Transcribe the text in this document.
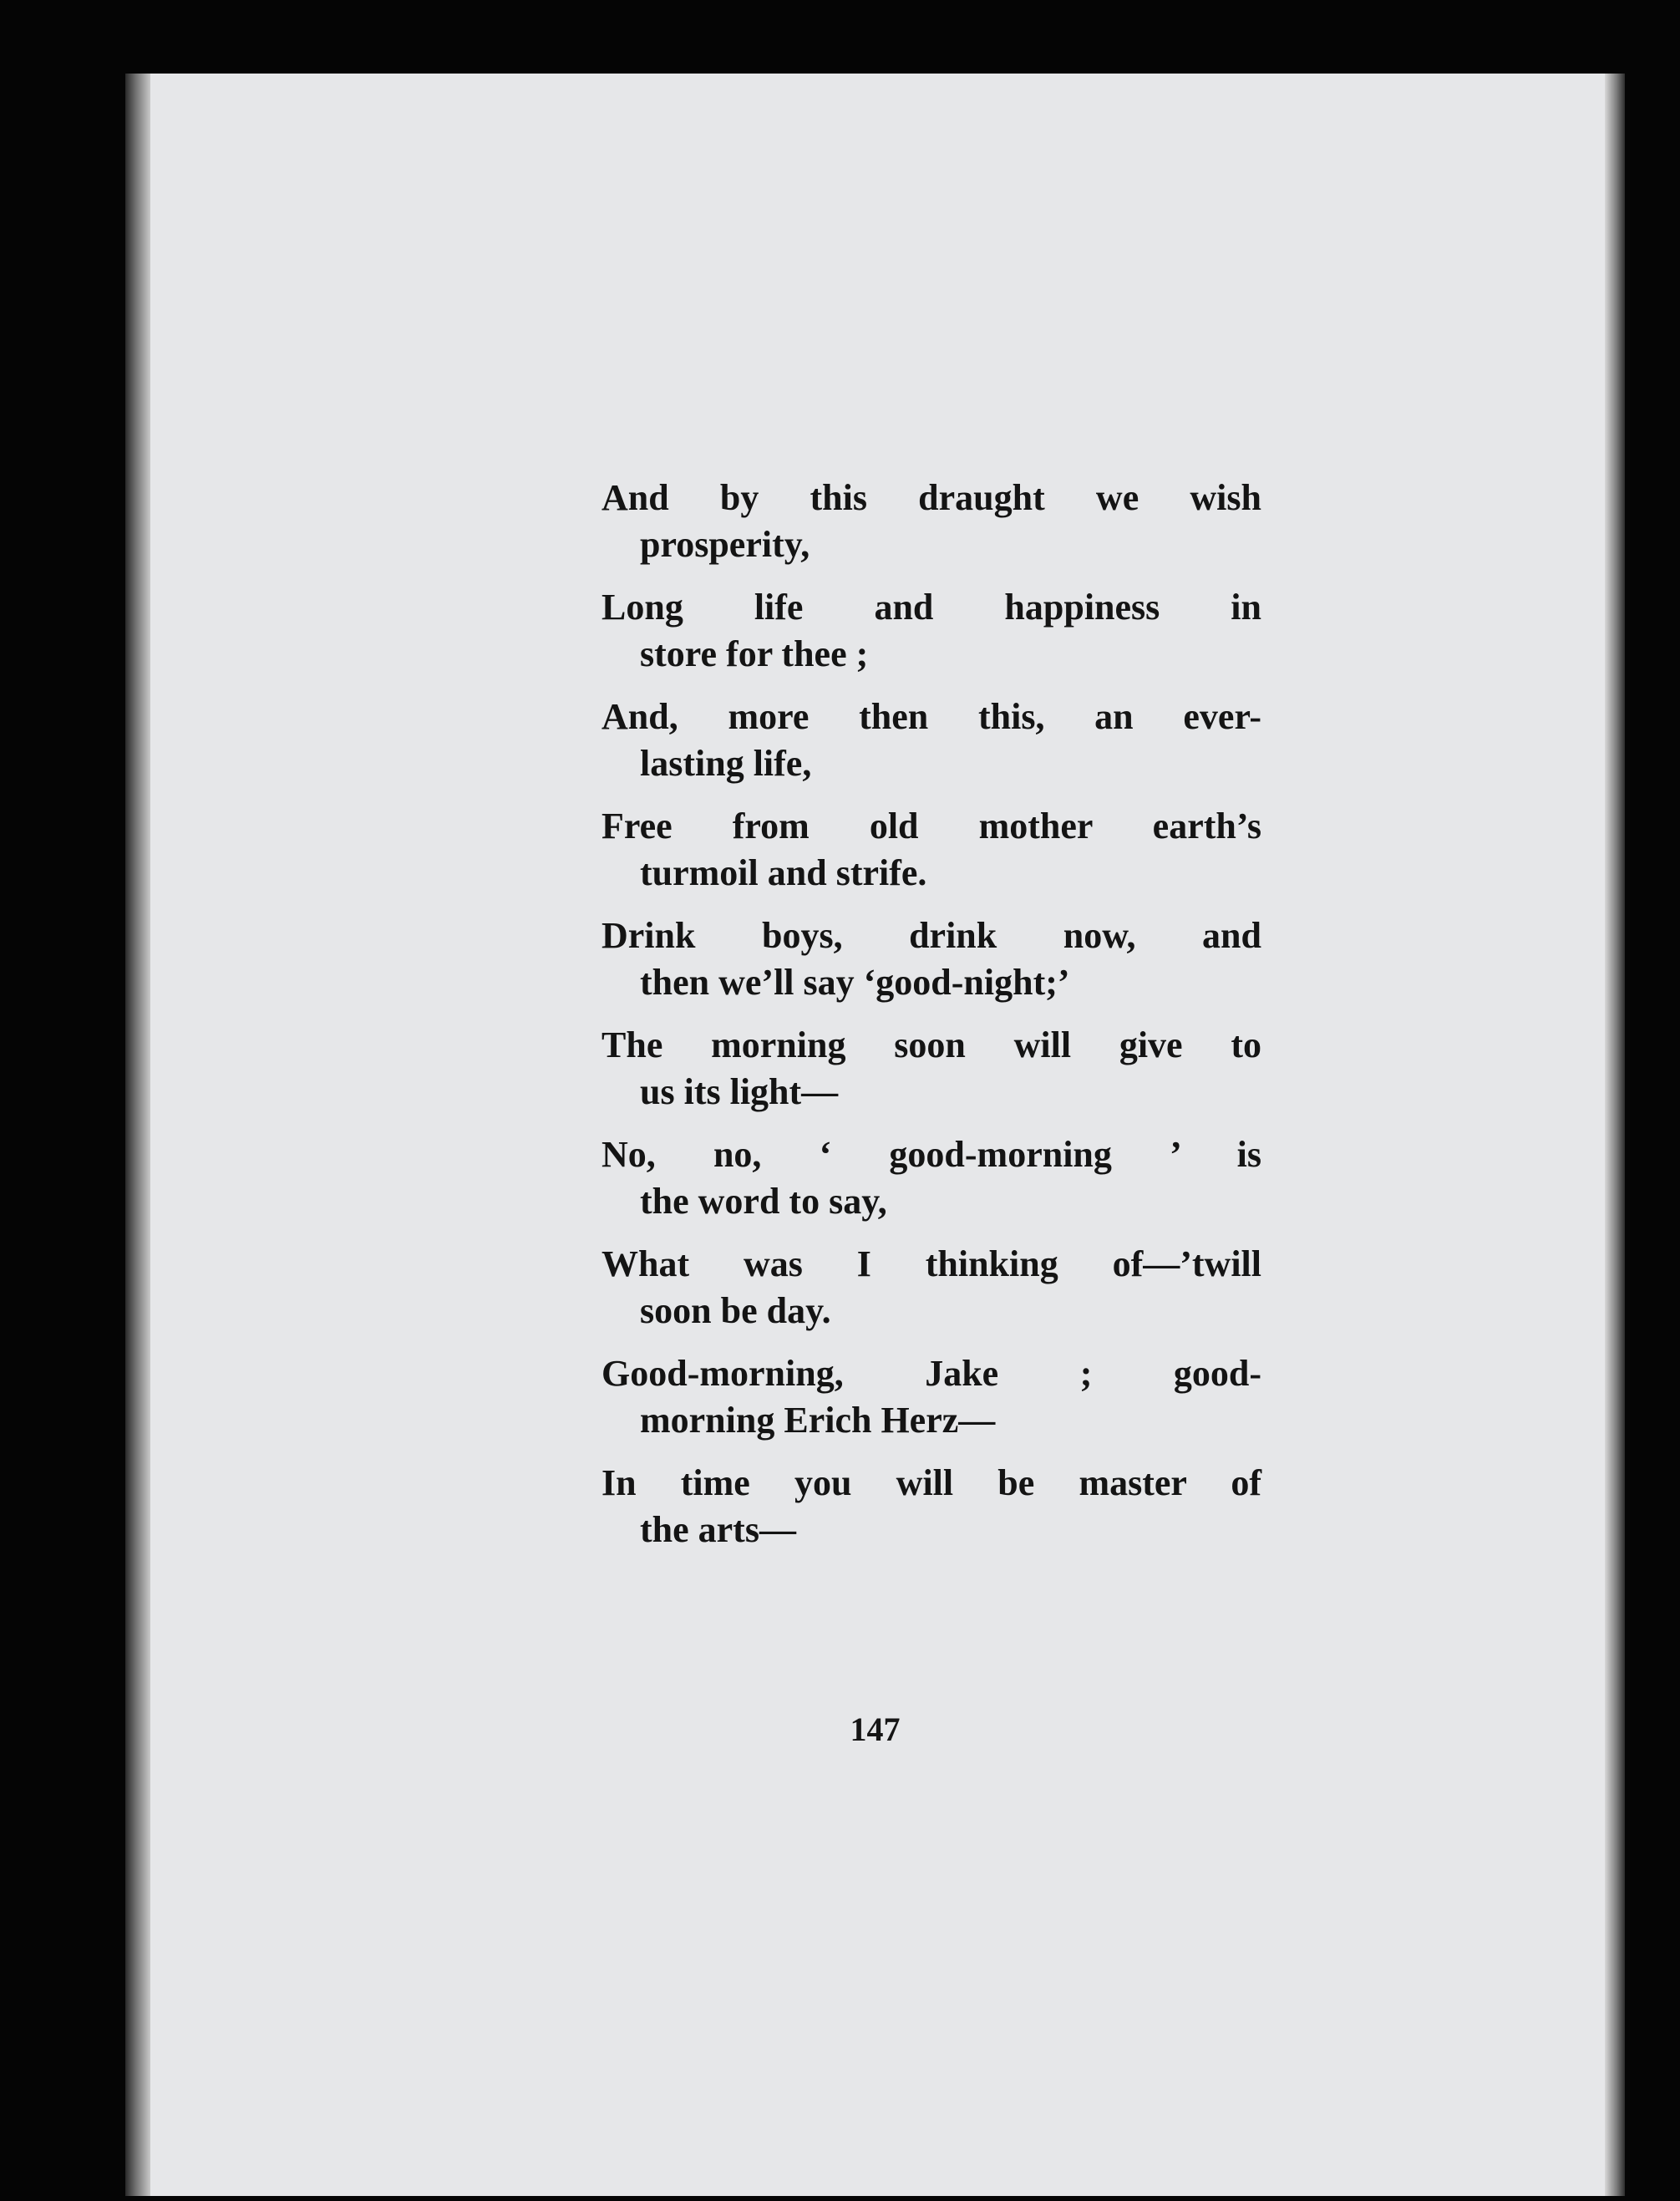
And by this draught we wish
prosperity,
Long life and happiness in
store for thee ;
And, more then this, an ever-
lasting life,
Free from old mother earth’s
turmoil and strife.
Drink boys, drink now, and
then we’ll say ‘good-night;’
The morning soon will give to
us its light—
No, no, ‘ good-morning ’ is
the word to say,
What was I thinking of—’twill
soon be day.
Good-morning, Jake ; good-
morning Erich Herz—
In time you will be master of
the arts—
147
